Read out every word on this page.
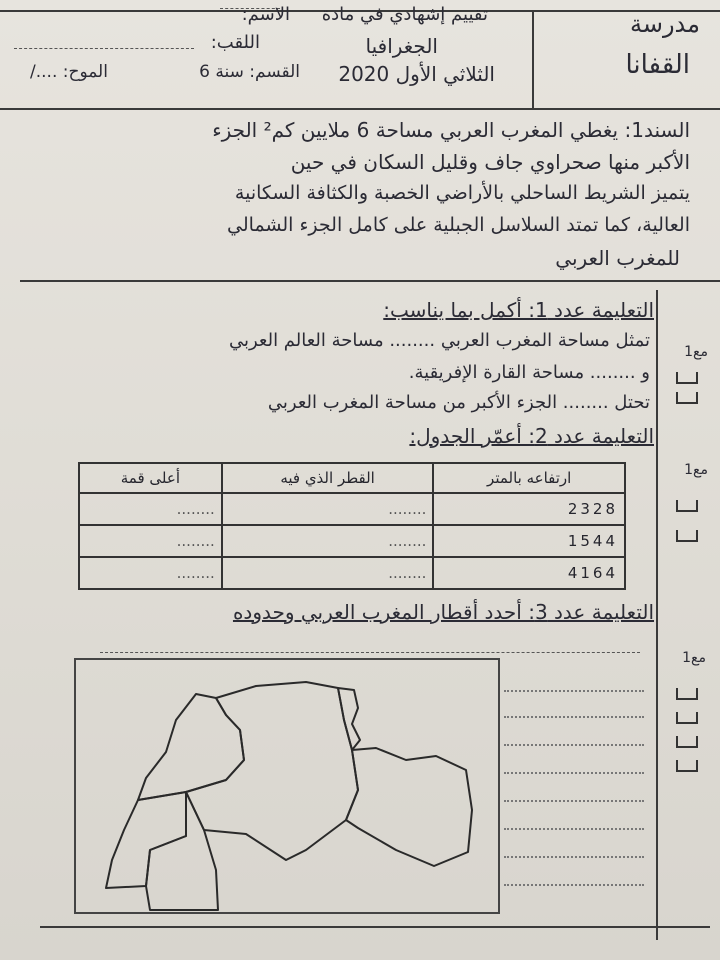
مدرسة
القفانا
تقييم إشهادي في مادة
الاسم:
الجغرافيا
اللقب:
الثلاثي الأول 2020
القسم: سنة 6
الموح: ..../
السند1: يغطي المغرب العربي مساحة 6 ملايين كم² الجزء
الأكبر منها صحراوي جاف وقليل السكان في حين
يتميز الشريط الساحلي بالأراضي الخصبة والكثافة السكانية
العالية، كما تمتد السلاسل الجبلية على كامل الجزء الشمالي
للمغرب العربي
مع1
مع1
مع1
التعليمة عدد 1: أكمل بما يناسب:
تمثل مساحة المغرب العربي ........ مساحة العالم العربي
و ........ مساحة القارة الإفريقية.
تحتل ........ الجزء الأكبر من مساحة المغرب العربي
التعليمة عدد 2: أعمّر الجدول:
ارتفاعه بالمتر	القطر الذي فيه	أعلى قمة
2328	........	........
1544	........	........
4164	........	........
التعليمة عدد 3: أحدد أقطار المغرب العربي وحدوده
